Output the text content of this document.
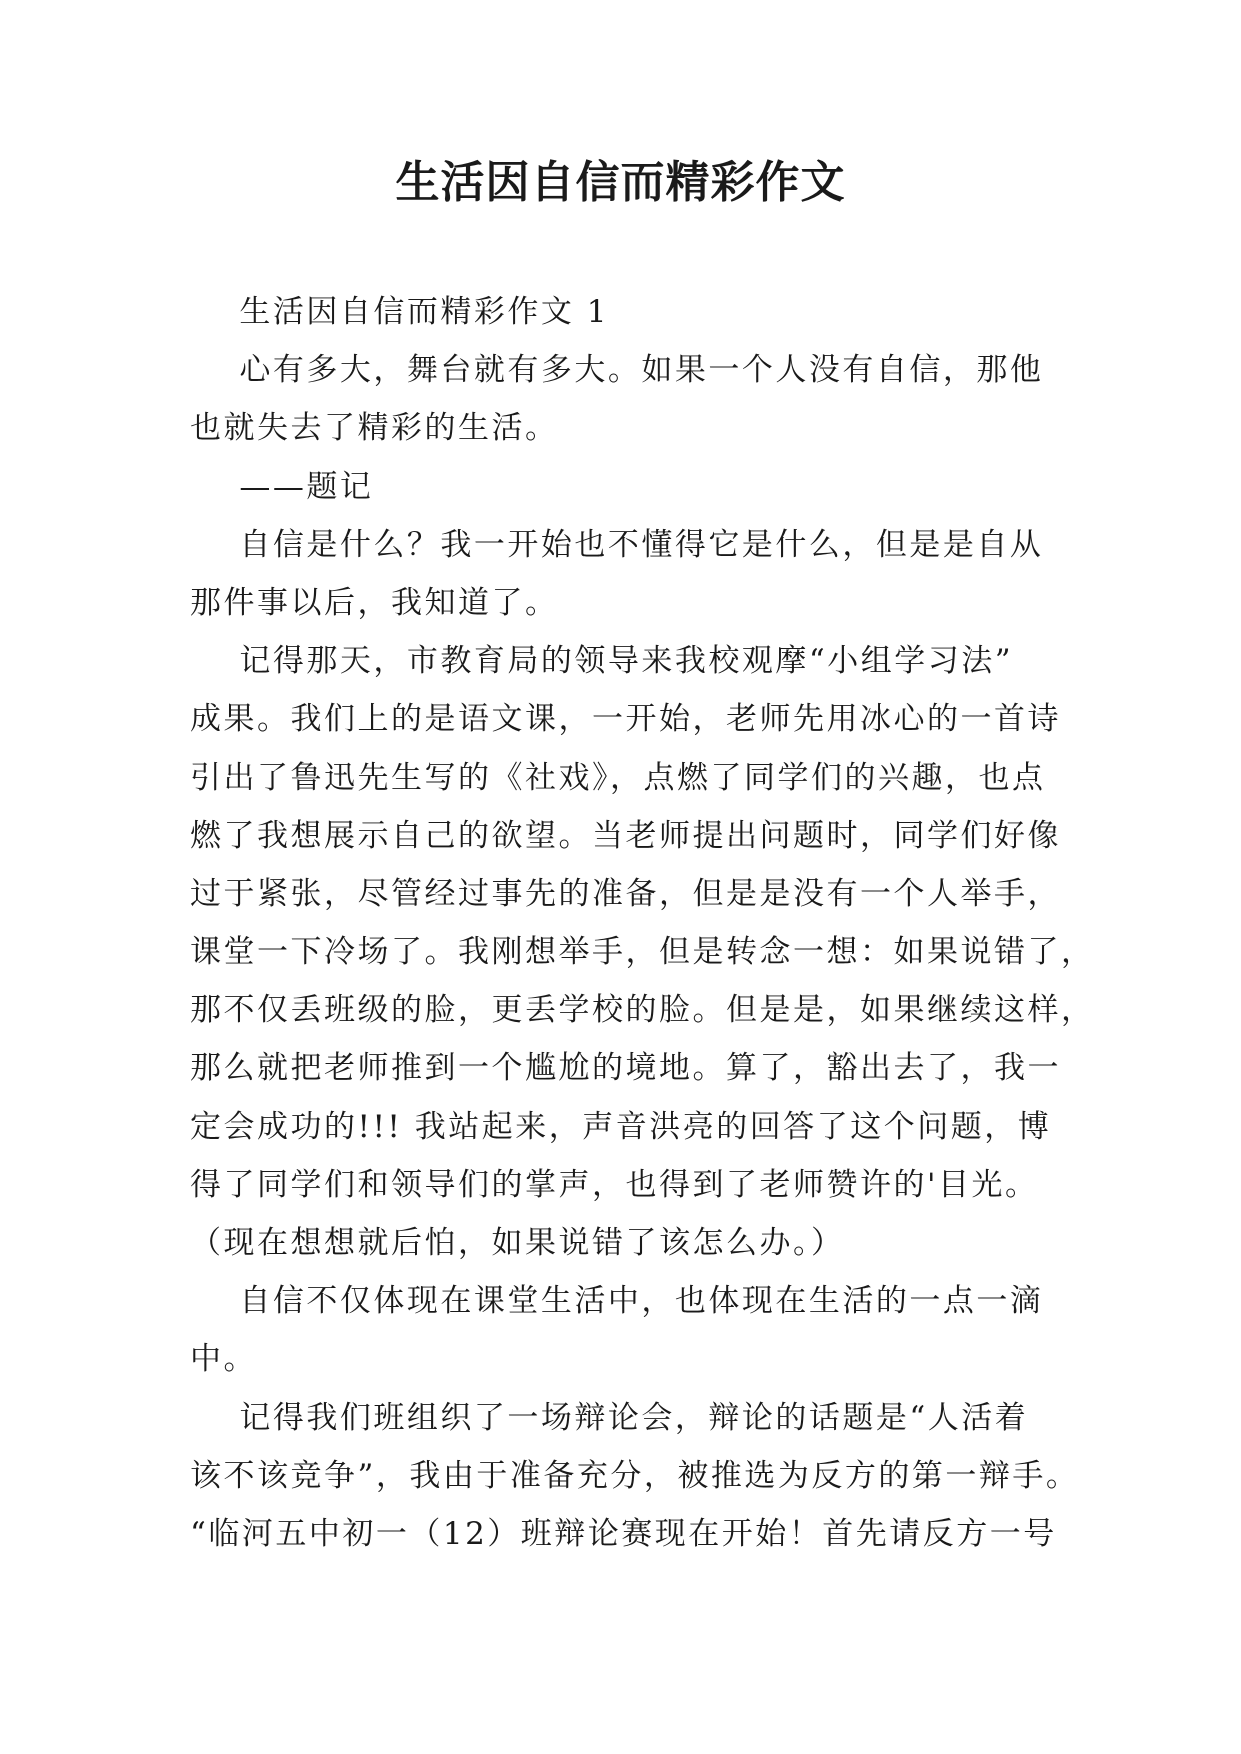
生活因自信而精彩作文
生活因自信而精彩作文 1
心有多大，舞台就有多大。如果一个人没有自信，那他
也就失去了精彩的生活。
——题记
自信是什么？我一开始也不懂得它是什么，但是是自从
那件事以后，我知道了。
记得那天，市教育局的领导来我校观摩“小组学习法”
成果。我们上的是语文课，一开始，老师先用冰心的一首诗
引出了鲁迅先生写的《社戏》，点燃了同学们的兴趣，也点
燃了我想展示自己的欲望。当老师提出问题时，同学们好像
过于紧张，尽管经过事先的准备，但是是没有一个人举手，
课堂一下冷场了。我刚想举手，但是转念一想：如果说错了，
那不仅丢班级的脸，更丢学校的脸。但是是，如果继续这样，
那么就把老师推到一个尴尬的境地。算了，豁出去了，我一
定会成功的!!! 我站起来，声音洪亮的回答了这个问题，博
得了同学们和领导们的掌声，也得到了老师赞许的'目光。
（现在想想就后怕，如果说错了该怎么办。）
自信不仅体现在课堂生活中，也体现在生活的一点一滴
中。
记得我们班组织了一场辩论会，辩论的话题是“人活着
该不该竞争”，我由于准备充分，被推选为反方的第一辩手。
“临河五中初一（12）班辩论赛现在开始！首先请反方一号
